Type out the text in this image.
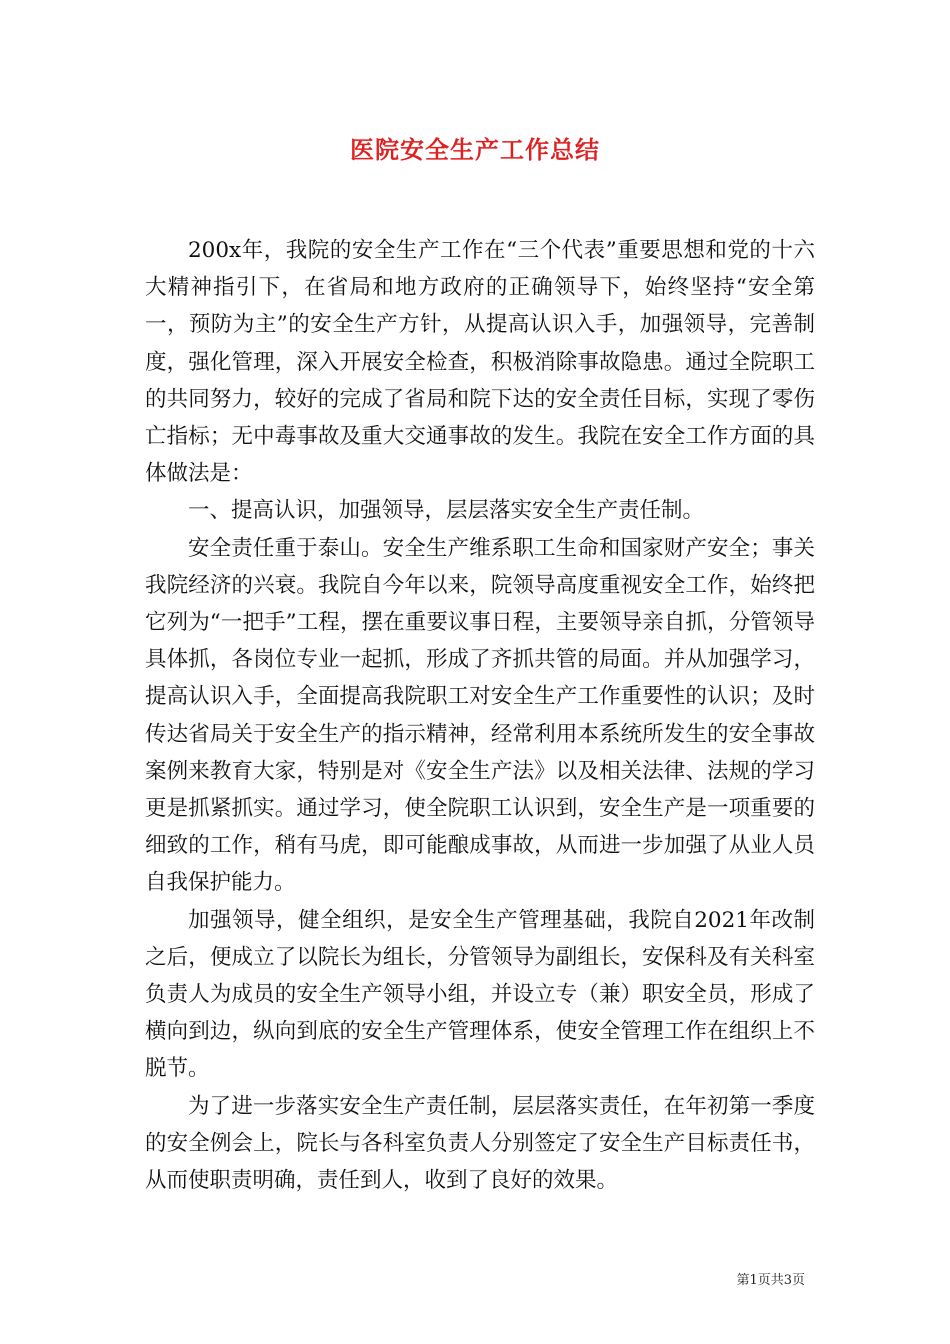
医院安全生产工作总结

200x年，我院的安全生产工作在“三个代表”重要思想和党的十六大精神指引下，在省局和地方政府的正确领导下，始终坚持“安全第一，预防为主”的安全生产方针，从提高认识入手，加强领导，完善制度，强化管理，深入开展安全检查，积极消除事故隐患。通过全院职工的共同努力，较好的完成了省局和院下达的安全责任目标，实现了零伤亡指标；无中毒事故及重大交通事故的发生。我院在安全工作方面的具体做法是：

一、提高认识，加强领导，层层落实安全生产责任制。

安全责任重于泰山。安全生产维系职工生命和国家财产安全；事关我院经济的兴衰。我院自今年以来，院领导高度重视安全工作，始终把它列为“一把手”工程，摆在重要议事日程，主要领导亲自抓，分管领导具体抓，各岗位专业一起抓，形成了齐抓共管的局面。并从加强学习，提高认识入手，全面提高我院职工对安全生产工作重要性的认识；及时传达省局关于安全生产的指示精神，经常利用本系统所发生的安全事故案例来教育大家，特别是对《安全生产法》以及相关法律、法规的学习更是抓紧抓实。通过学习，使全院职工认识到，安全生产是一项重要的细致的工作，稍有马虎，即可能酿成事故，从而进一步加强了从业人员自我保护能力。

加强领导，健全组织，是安全生产管理基础，我院自2021年改制之后，便成立了以院长为组长，分管领导为副组长，安保科及有关科室负责人为成员的安全生产领导小组，并设立专（兼）职安全员，形成了横向到边，纵向到底的安全生产管理体系，使安全管理工作在组织上不脱节。

为了进一步落实安全生产责任制，层层落实责任，在年初第一季度的安全例会上，院长与各科室负责人分别签定了安全生产目标责任书，从而使职责明确，责任到人，收到了良好的效果。

第1页共3页
